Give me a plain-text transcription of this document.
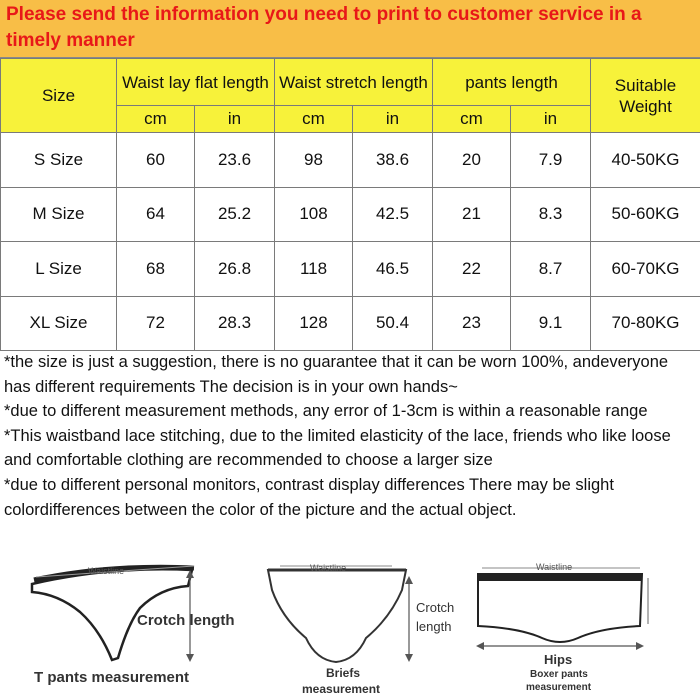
Please send the information you need to print to customer service in a timely manner
Size	Waist lay flat length		Waist stretch length		pants length		Suitable Weight
	cm	in	cm	in	cm	in	
S Size	60	23.6	98	38.6	20	7.9	40-50KG
M Size	64	25.2	108	42.5	21	8.3	50-60KG
L Size	68	26.8	118	46.5	22	8.7	60-70KG
XL Size	72	28.3	128	50.4	23	9.1	70-80KG

*the size is just a suggestion, there is no guarantee that it can be worn 100%, andeveryone has different requirements The decision is in your own hands~

*due to different measurement methods, any error of 1-3cm is within a reasonable range

*This waistband lace stitching, due to the limited elasticity of the lace, friends who like loose and comfortable clothing are recommended to choose a larger size

*due to different personal monitors, contrast display differences There may be slight colordifferences between the color of the picture and the actual object.

Waistline	Waistline	Waistline
Crotch length
T pants measurement
Crotch
length
Briefs
measurement
Hips
Boxer pants
measurement
